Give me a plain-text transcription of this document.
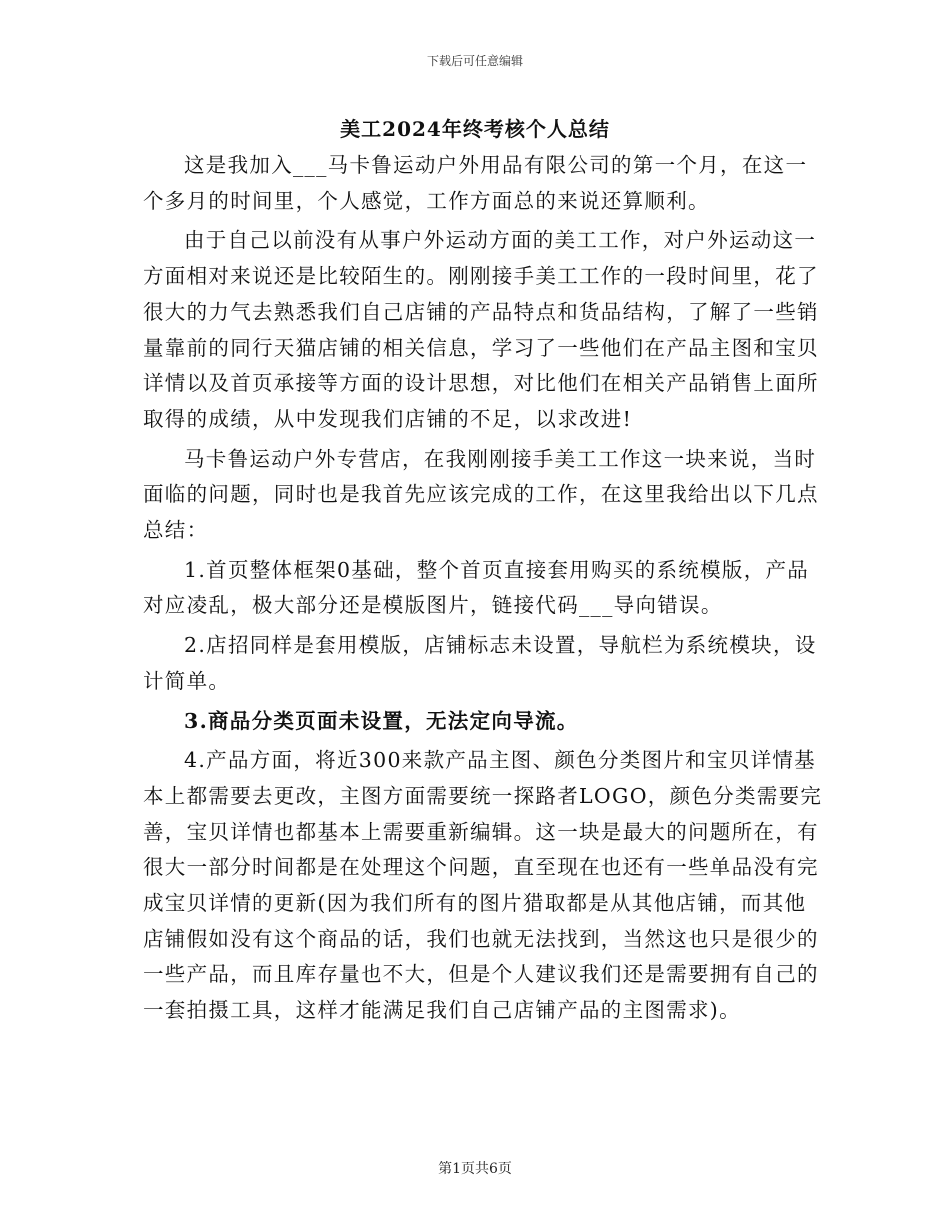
下载后可任意编辑
美工2024年终考核个人总结

这是我加入___马卡鲁运动户外用品有限公司的第一个月，在这一个多月的时间里，个人感觉，工作方面总的来说还算顺利。

由于自己以前没有从事户外运动方面的美工工作，对户外运动这一方面相对来说还是比较陌生的。刚刚接手美工工作的一段时间里，花了很大的力气去熟悉我们自己店铺的产品特点和货品结构，了解了一些销量靠前的同行天猫店铺的相关信息，学习了一些他们在产品主图和宝贝详情以及首页承接等方面的设计思想，对比他们在相关产品销售上面所取得的成绩，从中发现我们店铺的不足，以求改进!

马卡鲁运动户外专营店，在我刚刚接手美工工作这一块来说，当时面临的问题，同时也是我首先应该完成的工作，在这里我给出以下几点总结：

1.首页整体框架0基础，整个首页直接套用购买的系统模版，产品对应凌乱，极大部分还是模版图片，链接代码___导向错误。

2.店招同样是套用模版，店铺标志未设置，导航栏为系统模块，设计简单。

3.商品分类页面未设置，无法定向导流。

4.产品方面，将近300来款产品主图、颜色分类图片和宝贝详情基本上都需要去更改，主图方面需要统一探路者LOGO，颜色分类需要完善，宝贝详情也都基本上需要重新编辑。这一块是最大的问题所在，有很大一部分时间都是在处理这个问题，直至现在也还有一些单品没有完成宝贝详情的更新(因为我们所有的图片猎取都是从其他店铺，而其他店铺假如没有这个商品的话，我们也就无法找到，当然这也只是很少的一些产品，而且库存量也不大，但是个人建议我们还是需要拥有自己的一套拍摄工具，这样才能满足我们自己店铺产品的主图需求)。

第1页共6页
